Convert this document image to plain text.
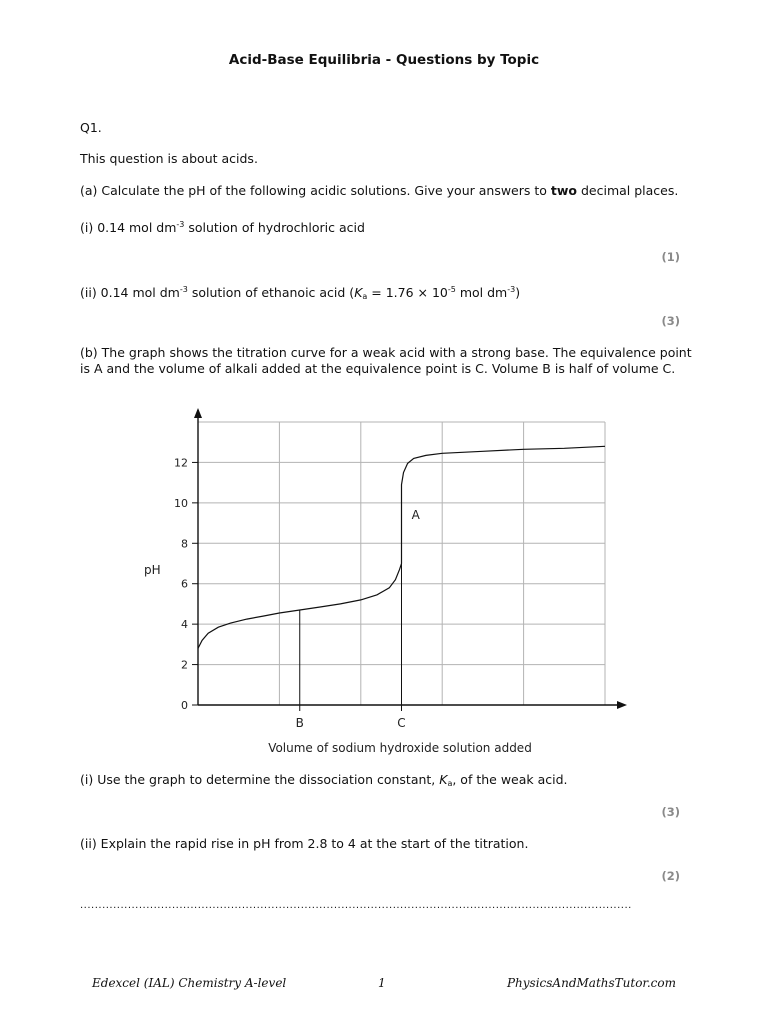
Acid-Base Equilibria - Questions by Topic
Q1.
This question is about acids.
(a) Calculate the pH of the following acidic solutions. Give your answers to two decimal places.
(i) 0.14 mol $dm^{-3}$ solution of hydrochloric acid
(1)
(ii) 0.14 mol $dm^{-3}$ solution of ethanoic acid ($K_a = 1.76 \times 10^{-5}$ mol $dm^{-3}$)
(3)
(b) The graph shows the titration curve for a weak acid with a strong base. The equivalence point is A and the volume of alkali added at the equivalence point is C. Volume B is half of volume C.
0
2
4
6
8
10
12
B	C
A
pH
Volume of sodium hydroxide solution added
(i) Use the graph to determine the dissociation constant, $K_a$, of the weak acid.
(3)
(ii) Explain the rapid rise in pH from 2.8 to 4 at the start of the titration.
(2)
......................................................................................................................................................
Edexcel (IAL) Chemistry A-level	1	PhysicsAndMathsTutor.com
